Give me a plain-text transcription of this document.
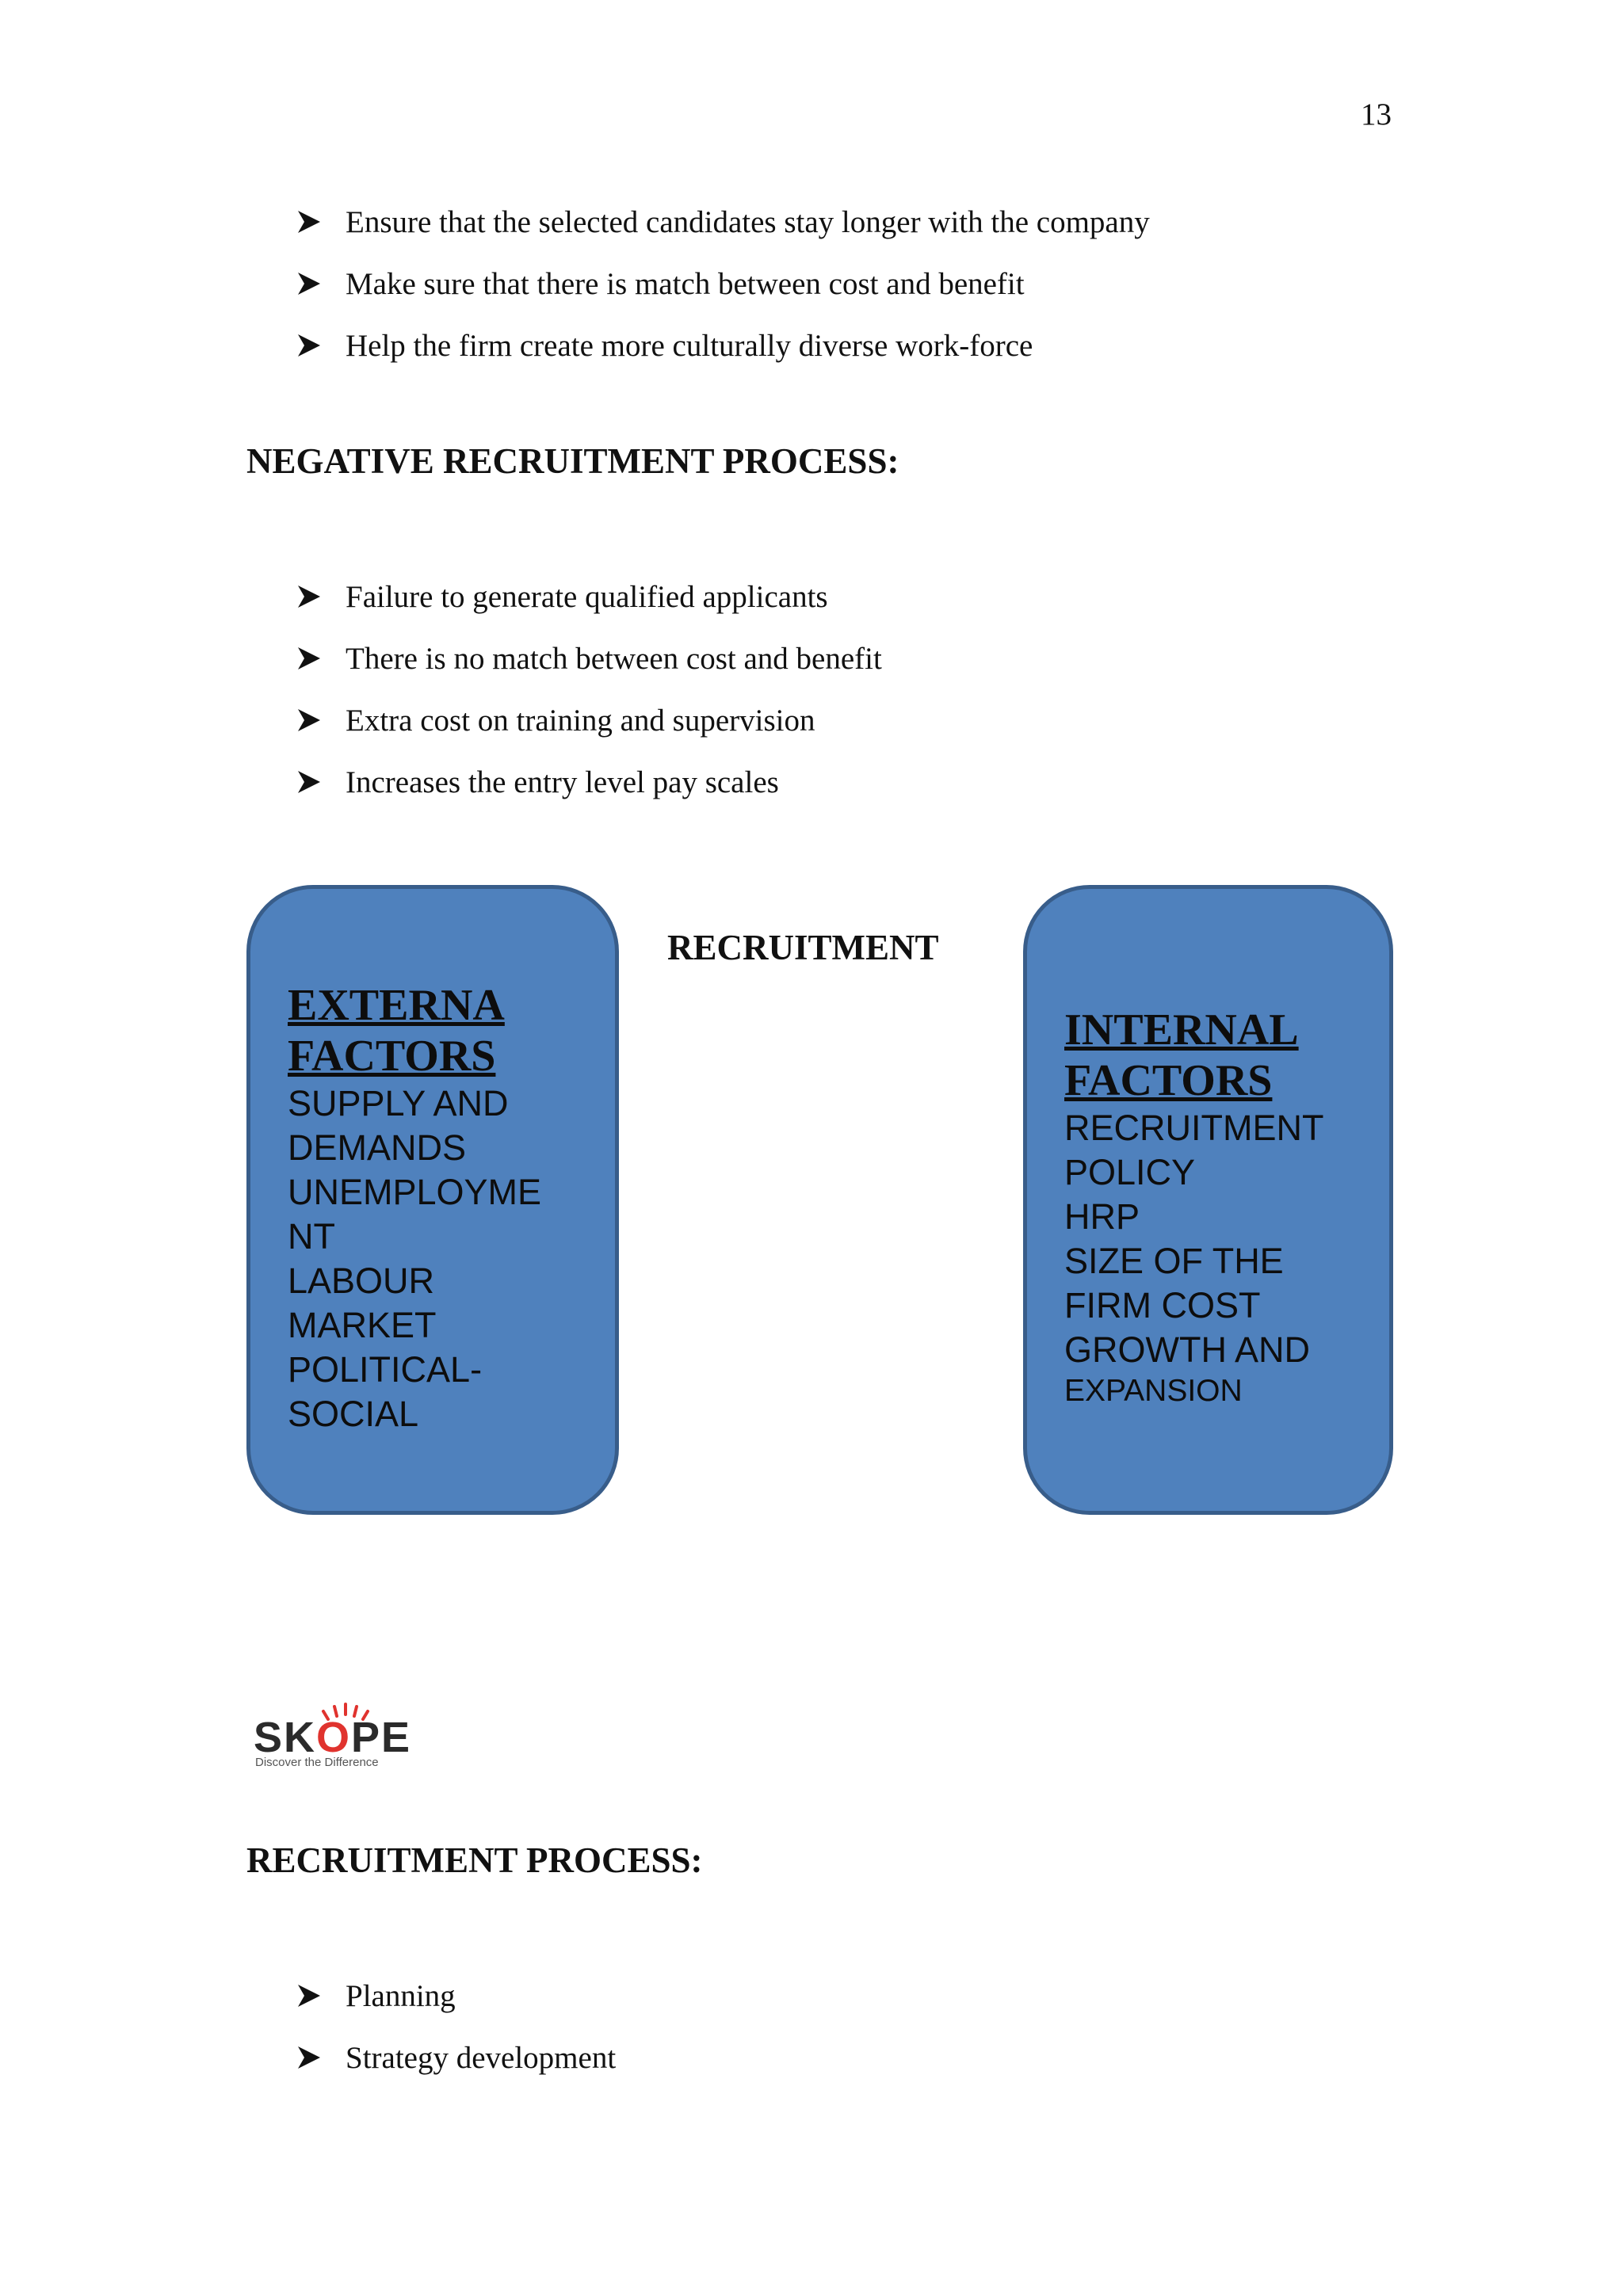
13
Ensure that the selected candidates stay longer with the company
Make sure that there is match between cost and benefit
Help the firm create more culturally diverse work-force
NEGATIVE RECRUITMENT PROCESS:
Failure to generate qualified applicants
There is no match between cost and benefit
Extra cost on training and supervision
Increases the entry level pay scales
EXTERNA
FACTORS
SUPPLY AND
DEMANDS
UNEMPLOYME
NT
LABOUR
MARKET
POLITICAL-
SOCIAL
RECRUITMENT
INTERNAL
FACTORS
RECRUITMENT
POLICY
HRP
SIZE OF THE
FIRM COST
GROWTH AND
EXPANSION
SKOPE
Discover the Difference
RECRUITMENT PROCESS:
Planning
Strategy development
